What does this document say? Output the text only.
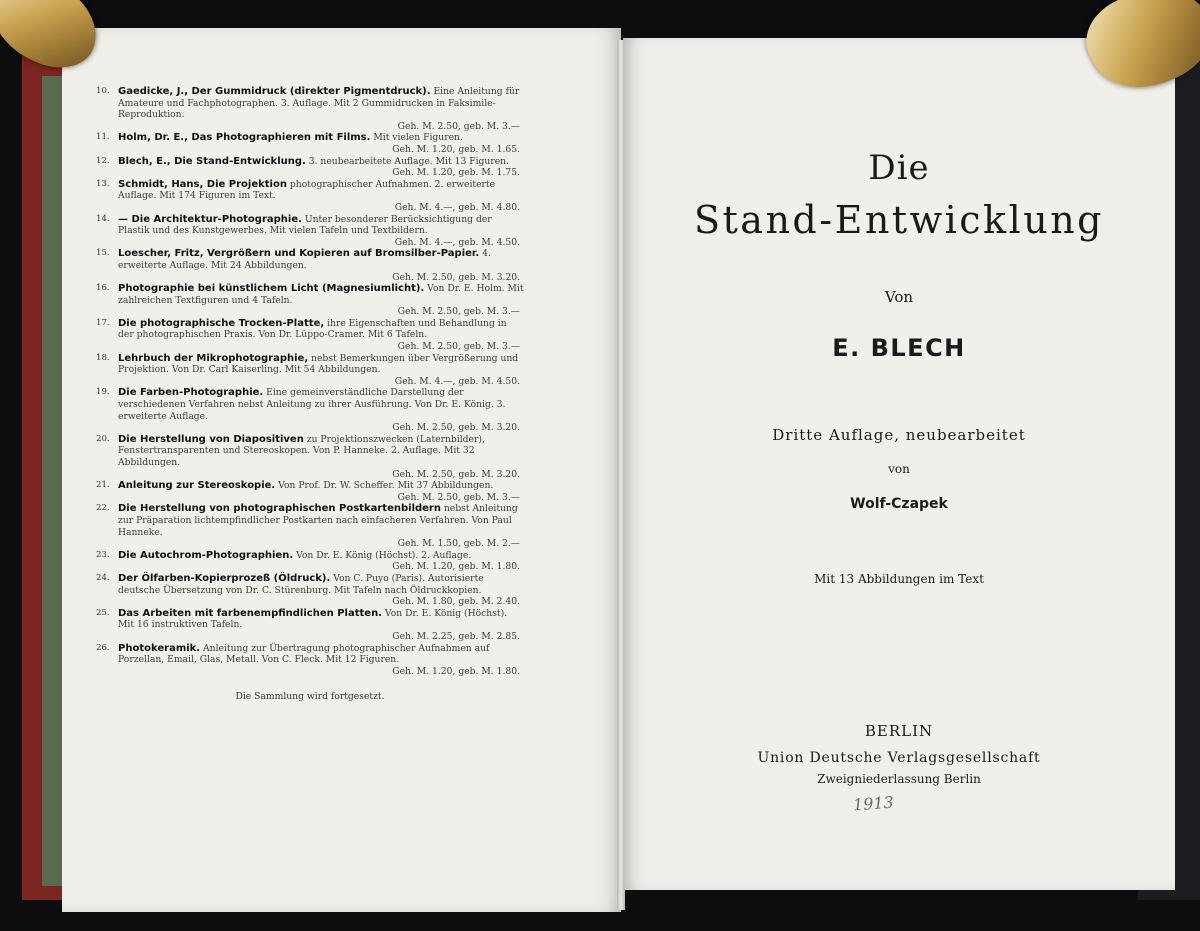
10. Gaedicke, J., Der Gummidruck (direkter Pigmentdruck). Eine Anleitung für Amateure und Fachphotographen. 3. Auflage. Mit 2 Gummidrucken in Faksimile-Reproduktion.
Geh. M. 2.50, geb. M. 3.—
11. Holm, Dr. E., Das Photographieren mit Films. Mit vielen Figuren.
Geh. M. 1.20, geb. M. 1.65.
12. Blech, E., Die Stand-Entwicklung. 3. neubearbeitete Auflage. Mit 13 Figuren.
Geh. M. 1.20, geb. M. 1.75.
13. Schmidt, Hans, Die Projektion photographischer Aufnahmen. 2. erweiterte Auflage. Mit 174 Figuren im Text.
Geh. M. 4.—, geb. M. 4.80.
14. — Die Architektur-Photographie. Unter besonderer Berücksichtigung der Plastik und des Kunstgewerbes. Mit vielen Tafeln und Textbildern.
Geh. M. 4.—, geb. M. 4.50.
15. Loescher, Fritz, Vergrößern und Kopieren auf Bromsilber-Papier. 4. erweiterte Auflage. Mit 24 Abbildungen.
Geh. M. 2.50, geb. M. 3.20.
16. Photographie bei künstlichem Licht (Magnesiumlicht). Von Dr. E. Holm. Mit zahlreichen Textfiguren und 4 Tafeln.
Geh. M. 2.50, geb. M. 3.—
17. Die photographische Trocken-Platte, ihre Eigenschaften und Behandlung in der photographischen Praxis. Von Dr. Lüppo-Cramer. Mit 6 Tafeln.
Geh. M. 2.50, geb. M. 3.—
18. Lehrbuch der Mikrophotographie, nebst Bemerkungen über Vergrößerung und Projektion. Von Dr. Carl Kaiserling. Mit 54 Abbildungen.
Geh. M. 4.—, geb. M. 4.50.
19. Die Farben-Photographie. Eine gemeinverständliche Darstellung der verschiedenen Verfahren nebst Anleitung zu ihrer Ausführung. Von Dr. E. König. 3. erweiterte Auflage.
Geh. M. 2.50, geb. M. 3.20.
20. Die Herstellung von Diapositiven zu Projektionszwecken (Laternbilder), Fenstertransparenten und Stereoskopen. Von P. Hanneke. 2. Auflage. Mit 32 Abbildungen.
Geh. M. 2.50, geb. M. 3.20.
21. Anleitung zur Stereoskopie. Von Prof. Dr. W. Scheffer. Mit 37 Abbildungen.
Geh. M. 2.50, geb. M. 3.—
22. Die Herstellung von photographischen Postkartenbildern nebst Anleitung zur Präparation lichtempfindlicher Postkarten nach einfacheren Verfahren. Von Paul Hanneke.
Geh. M. 1.50, geb. M. 2.—
23. Die Autochrom-Photographien. Von Dr. E. König (Höchst). 2. Auflage.
Geh. M. 1.20, geb. M. 1.80.
24. Der Ölfarben-Kopierprozeß (Öldruck). Von C. Puyo (Paris). Autorisierte deutsche Übersetzung von Dr. C. Stürenburg. Mit Tafeln nach Öldruckkopien.
Geh. M. 1.80, geb. M. 2.40.
25. Das Arbeiten mit farbenempfindlichen Platten. Von Dr. E. König (Höchst). Mit 16 instruktiven Tafeln.
Geh. M. 2.25, geb. M. 2.85.
26. Photokeramik. Anleitung zur Übertragung photographischer Aufnahmen auf Porzellan, Email, Glas, Metall. Von C. Fleck. Mit 12 Figuren.
Geh. M. 1.20, geb. M. 1.80.
Die Sammlung wird fortgesetzt.
Die
Stand-Entwicklung
Von
E. BLECH
Dritte Auflage, neubearbeitet
von
Wolf-Czapek
Mit 13 Abbildungen im Text
BERLIN
Union Deutsche Verlagsgesellschaft
Zweigniederlassung Berlin
1913
